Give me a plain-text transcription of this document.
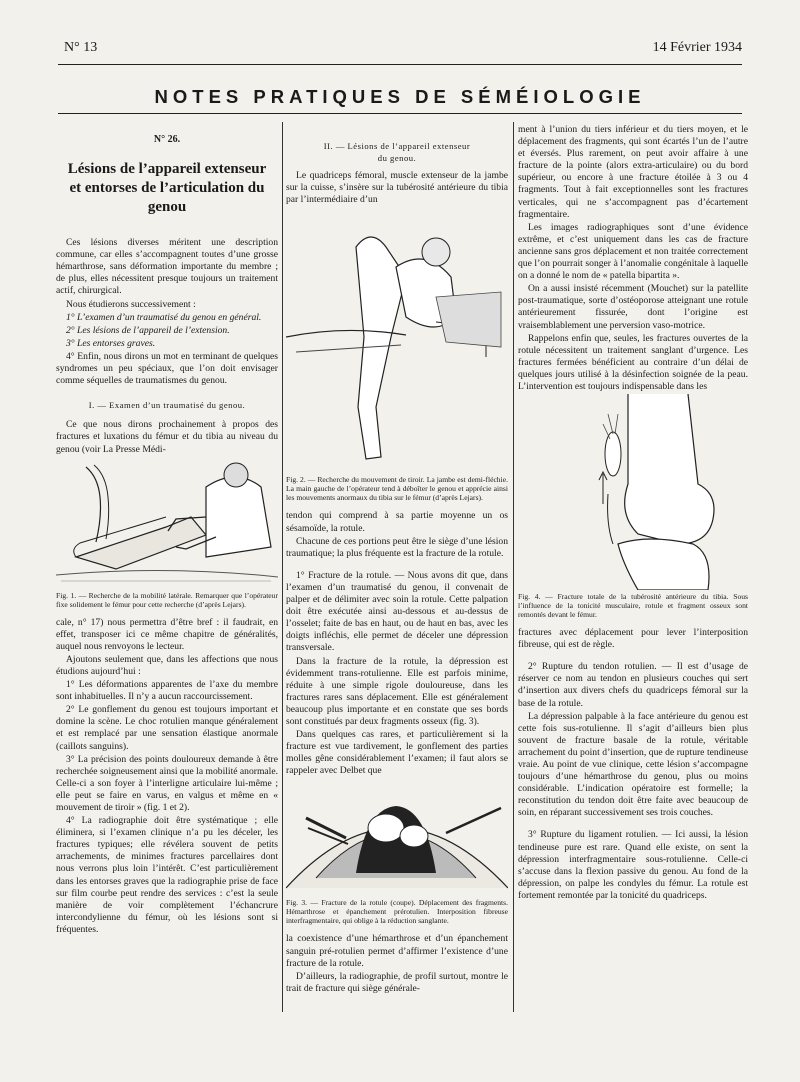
N° 13	14 Février 1934
NOTES PRATIQUES DE SÉMÉIOLOGIE
N° 26.
Lésions de l’appareil extenseur
et entorses de l’articulation du genou

Ces lésions diverses méritent une description commune, car elles s’accompagnent toutes d’une grosse hémarthrose, sans déformation importante du membre ; de plus, elles nécessitent presque toujours un traitement actif, chirurgical.

Nous étudierons successivement :

1° L’examen d’un traumatisé du genou en général.

2° Les lésions de l’appareil de l’extension.

3° Les entorses graves.

4° Enfin, nous dirons un mot en terminant de quelques syndromes un peu spéciaux, que l’on doit envisager comme séquelles de traumatismes du genou.

I. — Examen d’un traumatisé du genou.

Ce que nous dirons prochainement à propos des fractures et luxations du fémur et du tibia au niveau du genou (voir La Presse Médi-

Fig. 1. — Recherche de la mobilité latérale. Remarquer que l’opérateur fixe solidement le fémur pour cette recherche (d’après Lejars).

cale, n° 17) nous permettra d’être bref : il faudrait, en effet, transposer ici ce même chapitre de généralités, auquel nous renvoyons le lecteur.

Ajoutons seulement que, dans les affections que nous étudions aujourd’hui :

1° Les déformations apparentes de l’axe du membre sont inhabituelles. Il n’y a aucun raccourcissement.

2° Le gonflement du genou est toujours important et domine la scène. Le choc rotulien manque généralement et est remplacé par une sensation élastique anormale (caillots sanguins).

3° La précision des points douloureux demande à être recherchée soigneusement ainsi que la mobilité anormale. Celle-ci a son foyer à l’interligne articulaire lui-même ; elle peut se faire en varus, en valgus et même en « mouvement de tiroir » (fig. 1 et 2).

4° La radiographie doit être systématique ; elle éliminera, si l’examen clinique n’a pu les déceler, les fractures typiques; elle révélera souvent de petits arrachements, de minimes fractures parcellaires dont nous verrons plus loin l’intérêt. C’est particulièrement dans les entorses graves que la radiographie prise de face sur film courbe peut rendre des services : c’est la seule manière de voir complètement l’échancrure intercondylienne du fémur, où les lésions sont si fréquentes.

II. — Lésions de l’appareil extenseur
du genou.

Le quadriceps fémoral, muscle extenseur de la jambe sur la cuisse, s’insère sur la tubérosité antérieure du tibia par l’intermédiaire d’un

Fig. 2. — Recherche du mouvement de tiroir. La jambe est demi-fléchie. La main gauche de l’opérateur tend à déboîter le genou et apprécie ainsi les mouvements anormaux du tibia sur le fémur (d’après Lejars).

tendon qui comprend à sa partie moyenne un os sésamoïde, la rotule.

Chacune de ces portions peut être le siège d’une lésion traumatique; la plus fréquente est la fracture de la rotule.

1° Fracture de la rotule. — Nous avons dit que, dans l’examen d’un traumatisé du genou, il convenait de palper et de délimiter avec soin la rotule. Cette palpation doit être exécutée ainsi au-dessous et au-dessus de l’osselet; faite de bas en haut, ou de haut en bas, avec les doigts infléchis, elle permet de déceler une dépression transversale.

Dans la fracture de la rotule, la dépression est évidemment trans-rotulienne. Elle est parfois minime, réduite à une simple rigole douloureuse, dans les fractures rares sans déplacement. Elle est généralement beaucoup plus importante et en constate que ses bords sont constitués par deux fragments osseux (fig. 3).

Dans quelques cas rares, et particulièrement si la fracture est vue tardivement, le gonflement des parties molles gêne considérablement l’examen; il faut alors se rappeler avec Delbet que

Fig. 3. — Fracture de la rotule (coupe). Déplacement des fragments. Hémarthrose et épanchement prérotulien. Interposition fibreuse interfragmentaire, qui oblige à la réduction sanglante.

la coexistence d’une hémarthrose et d’un épanchement sanguin pré-rotulien permet d’affirmer l’existence d’une fracture de la rotule.

D’ailleurs, la radiographie, de profil surtout, montre le trait de fracture qui siège générale-

ment à l’union du tiers inférieur et du tiers moyen, et le déplacement des fragments, qui sont écartés l’un de l’autre et éversés. Plus rarement, on peut avoir affaire à une fracture de la pointe (alors extra-articulaire) ou du bord supérieur, ou encore à une fracture étoilée à 3 ou 4 fragments. Tout à fait exceptionnelles sont les fractures verticales, qui ne s’accompagnent pas d’écartement fragmentaire.

Les images radiographiques sont d’une évidence extrême, et c’est uniquement dans les cas de fracture ancienne sans gros déplacement et non traitée correctement que l’on pourrait songer à l’anomalie congénitale à laquelle on a donné le nom de « patella bipartita ».

On a aussi insisté récemment (Mouchet) sur la patellite post-traumatique, sorte d’ostéoporose atteignant une rotule antérieurement fissurée, dont l’origine est vraisemblablement une perversion vaso-motrice.

Rappelons enfin que, seules, les fractures ouvertes de la rotule nécessitent un traitement sanglant d’urgence. Les fractures fermées bénéficient au contraire d’un délai de quelques jours utilisé à la désinfection soignée de la peau. L’intervention est toujours indispensable dans les

Fig. 4. — Fracture totale de la tubérosité antérieure du tibia. Sous l’influence de la tonicité musculaire, rotule et fragment osseux sont remontés devant le fémur.

fractures avec déplacement pour lever l’interposition fibreuse, qui est de règle.

2° Rupture du tendon rotulien. — Il est d’usage de réserver ce nom au tendon en plusieurs couches qui sert d’insertion aux divers chefs du quadriceps fémoral sur la base de la rotule.

La dépression palpable à la face antérieure du genou est cette fois sus-rotulienne. Il s’agit d’ailleurs bien plus souvent de fracture basale de la rotule, véritable arrachement du point d’insertion, que de rupture tendineuse vraie. Au point de vue clinique, cette lésion s’accompagne toujours d’une hémarthrose du genou, plus ou moins considérable. L’indication opératoire est formelle; la reconstitution du tendon doit être faite avec beaucoup de soin, en réparant successivement ses trois couches.

3° Rupture du ligament rotulien. — Ici aussi, la lésion tendineuse pure est rare. Quand elle existe, on sent la dépression interfragmentaire sous-rotulienne. Celle-ci s’accuse dans la flexion passive du genou. Au fond de la dépression, on palpe les condyles du fémur. La rotule est fortement remontée par la tonicité du quadriceps.
